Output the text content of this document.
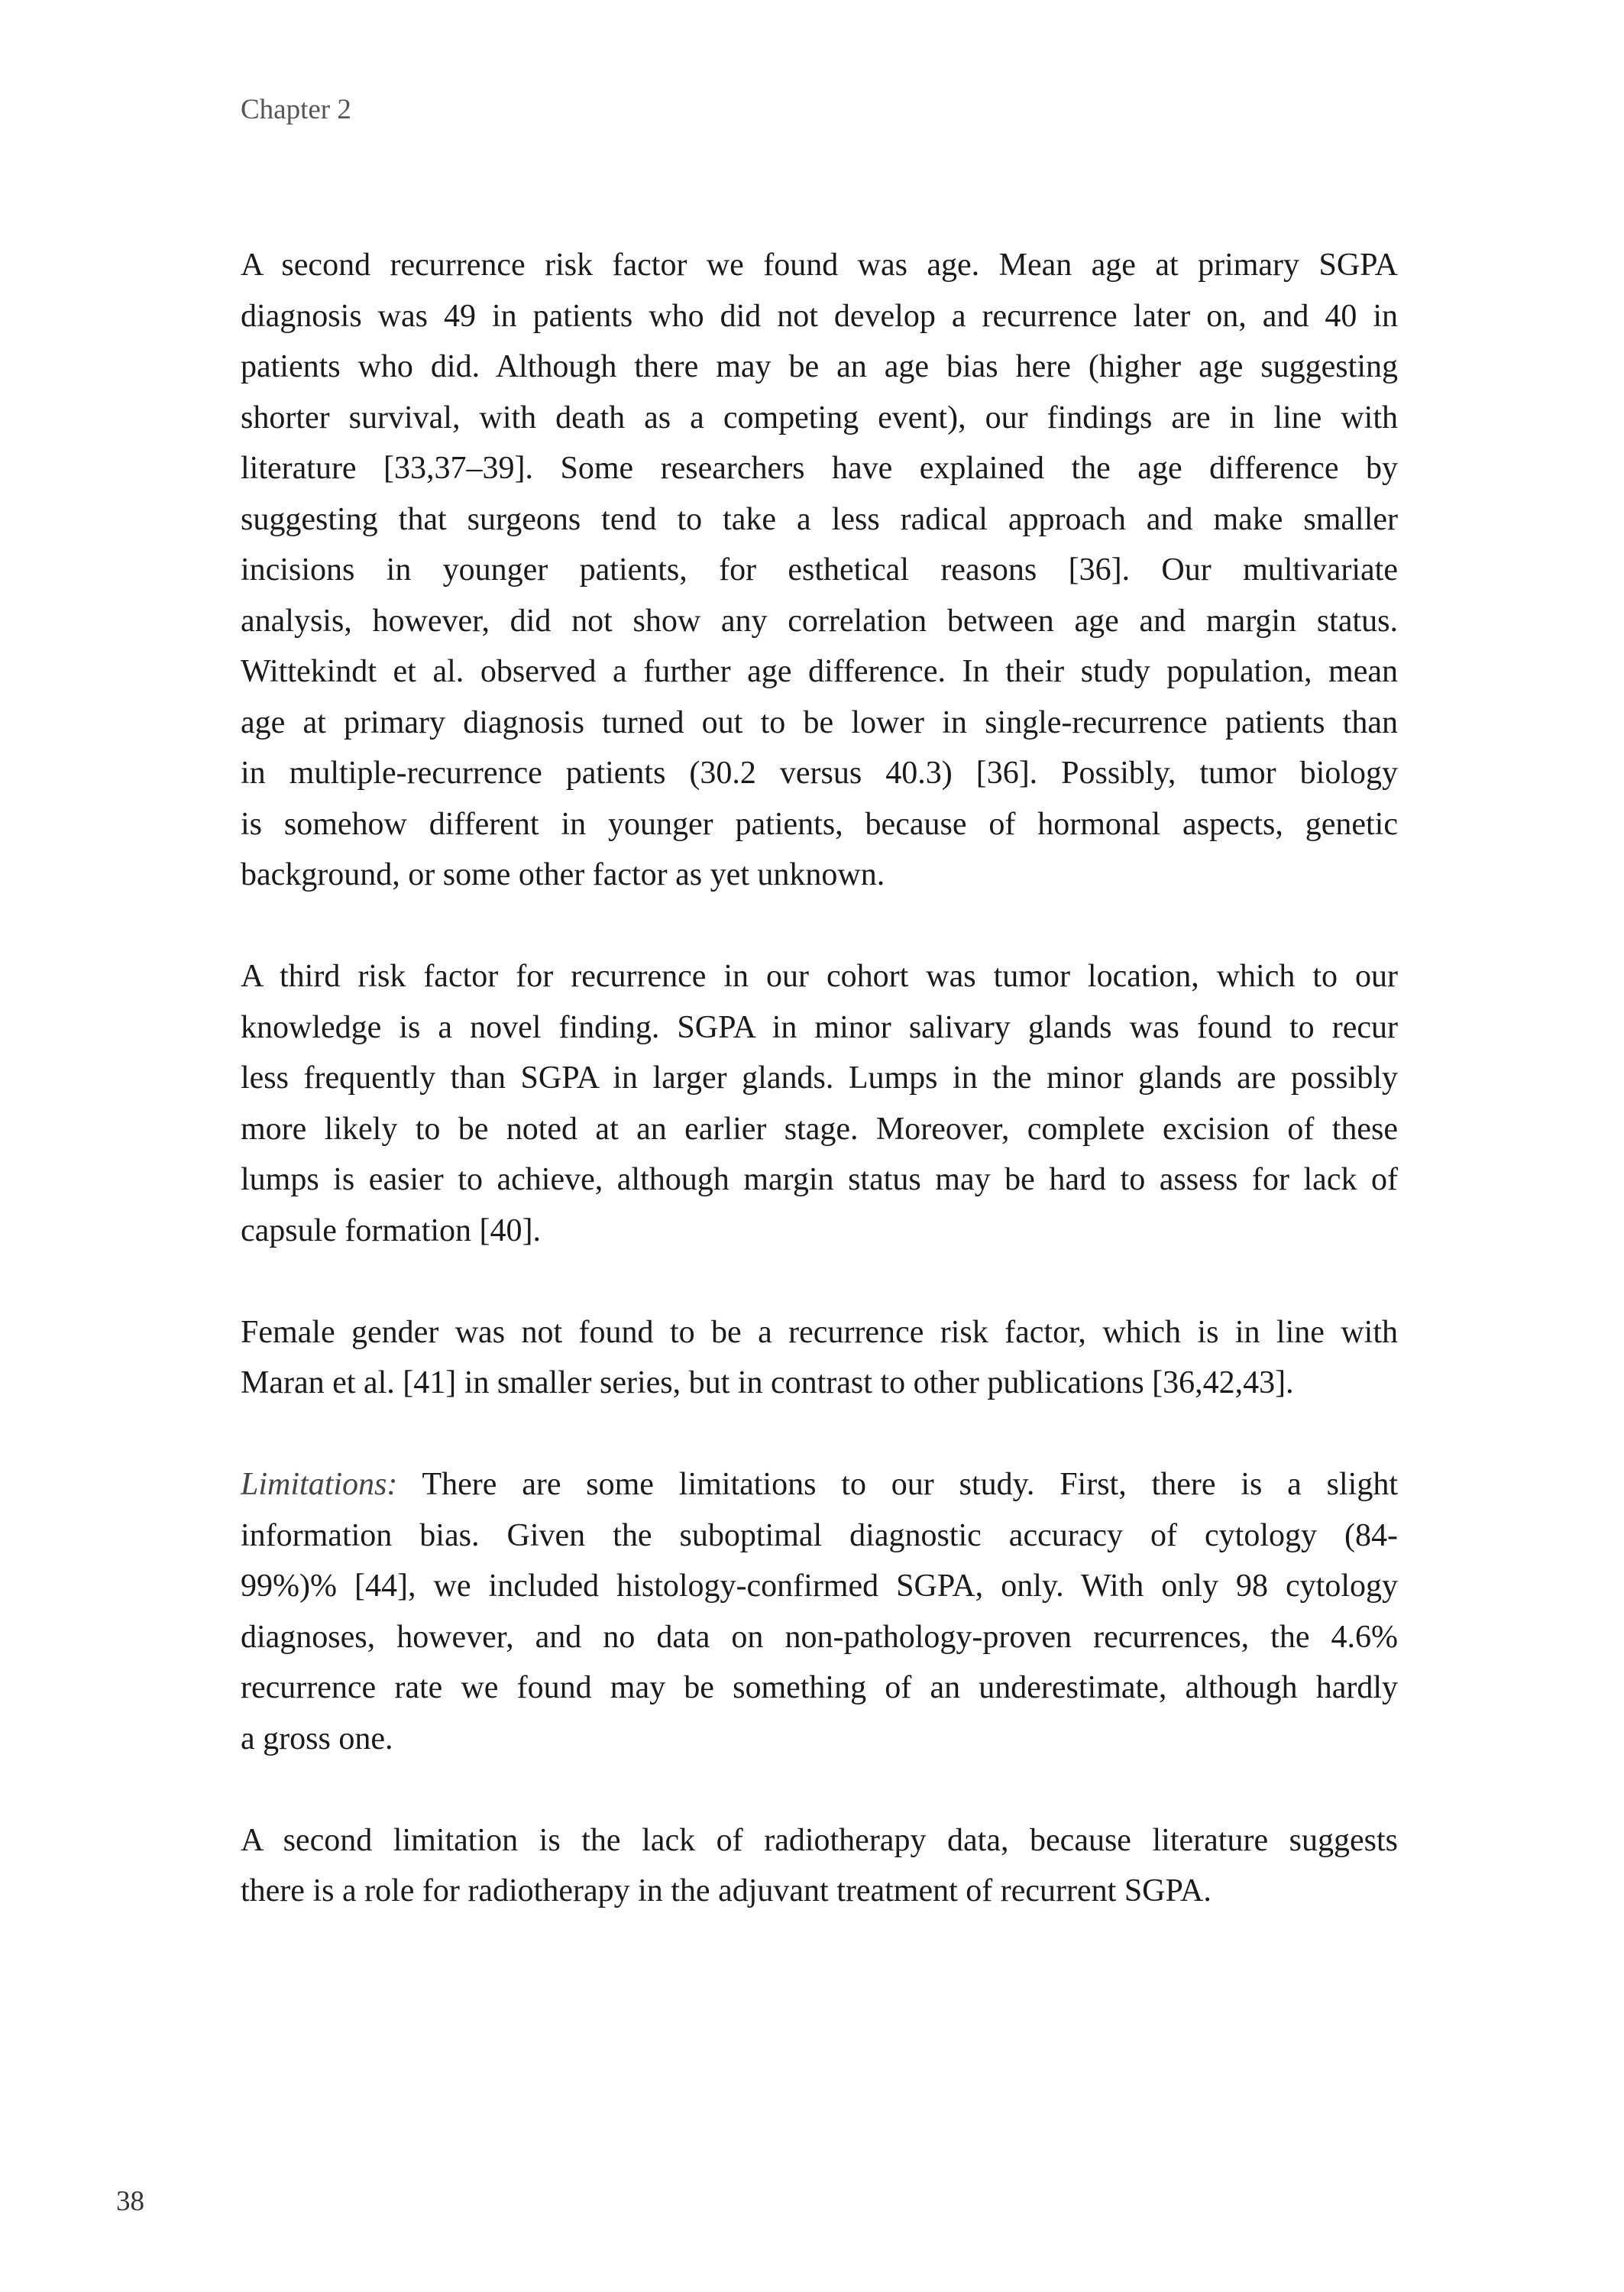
Chapter 2
A second recurrence risk factor we found was age. Mean age at primary SGPA
diagnosis was 49 in patients who did not develop a recurrence later on, and 40 in
patients who did. Although there may be an age bias here (higher age suggesting
shorter survival, with death as a competing event), our findings are in line with
literature [33,37–39]. Some researchers have explained the age difference by
suggesting that surgeons tend to take a less radical approach and make smaller
incisions in younger patients, for esthetical reasons [36]. Our multivariate
analysis, however, did not show any correlation between age and margin status.
Wittekindt et al. observed a further age difference. In their study population, mean
age at primary diagnosis turned out to be lower in single-recurrence patients than
in multiple-recurrence patients (30.2 versus 40.3) [36]. Possibly, tumor biology
is somehow different in younger patients, because of hormonal aspects, genetic
background, or some other factor as yet unknown.
A third risk factor for recurrence in our cohort was tumor location, which to our
knowledge is a novel finding. SGPA in minor salivary glands was found to recur
less frequently than SGPA in larger glands. Lumps in the minor glands are possibly
more likely to be noted at an earlier stage. Moreover, complete excision of these
lumps is easier to achieve, although margin status may be hard to assess for lack of
capsule formation [40].
Female gender was not found to be a recurrence risk factor, which is in line with
Maran et al. [41] in smaller series, but in contrast to other publications [36,42,43].
Limitations: There are some limitations to our study. First, there is a slight
information bias. Given the suboptimal diagnostic accuracy of cytology (84-
99%)% [44], we included histology-confirmed SGPA, only. With only 98 cytology
diagnoses, however, and no data on non-pathology-proven recurrences, the 4.6%
recurrence rate we found may be something of an underestimate, although hardly
a gross one.
A second limitation is the lack of radiotherapy data, because literature suggests
there is a role for radiotherapy in the adjuvant treatment of recurrent SGPA.
38
